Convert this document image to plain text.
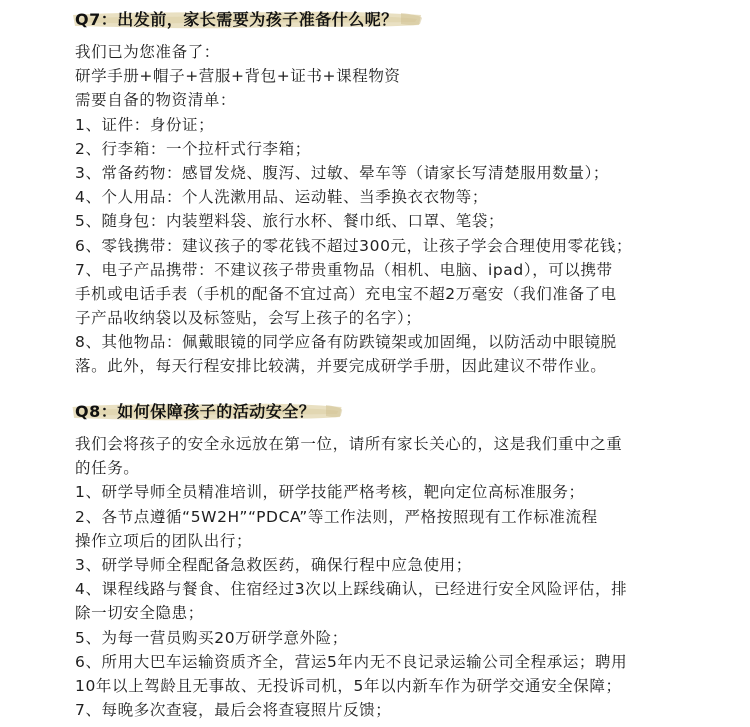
Q7：出发前，家长需要为孩子准备什么呢？
我们已为您准备了：
研学手册+帽子+营服+背包+证书+课程物资
需要自备的物资清单：
1、证件：身份证；
2、行李箱：一个拉杆式行李箱；
3、常备药物：感冒发烧、腹泻、过敏、晕车等（请家长写清楚服用数量）；
4、个人用品：个人洗漱用品、运动鞋、当季换衣衣物等；
5、随身包：内装塑料袋、旅行水杯、餐巾纸、口罩、笔袋；
6、零钱携带：建议孩子的零花钱不超过300元，让孩子学会合理使用零花钱；
7、电子产品携带：不建议孩子带贵重物品（相机、电脑、ipad），可以携带
手机或电话手表（手机的配备不宜过高）充电宝不超2万毫安（我们准备了电
子产品收纳袋以及标签贴，会写上孩子的名字）；
8、其他物品：佩戴眼镜的同学应备有防跌镜架或加固绳，以防活动中眼镜脱
落。此外，每天行程安排比较满，并要完成研学手册，因此建议不带作业。
Q8：如何保障孩子的活动安全？
我们会将孩子的安全永远放在第一位，请所有家长关心的，这是我们重中之重
的任务。
1、研学导师全员精准培训，研学技能严格考核，靶向定位高标准服务；
2、各节点遵循“5W2H”“PDCA”等工作法则，严格按照现有工作标准流程
操作立项后的团队出行；
3、研学导师全程配备急救医药，确保行程中应急使用；
4、课程线路与餐食、住宿经过3次以上踩线确认，已经进行安全风险评估，排
除一切安全隐患；
5、为每一营员购买20万研学意外险；
6、所用大巴车运输资质齐全，营运5年内无不良记录运输公司全程承运；聘用
10年以上驾龄且无事故、无投诉司机，5年以内新车作为研学交通安全保障；
7、每晚多次查寝，最后会将查寝照片反馈；
